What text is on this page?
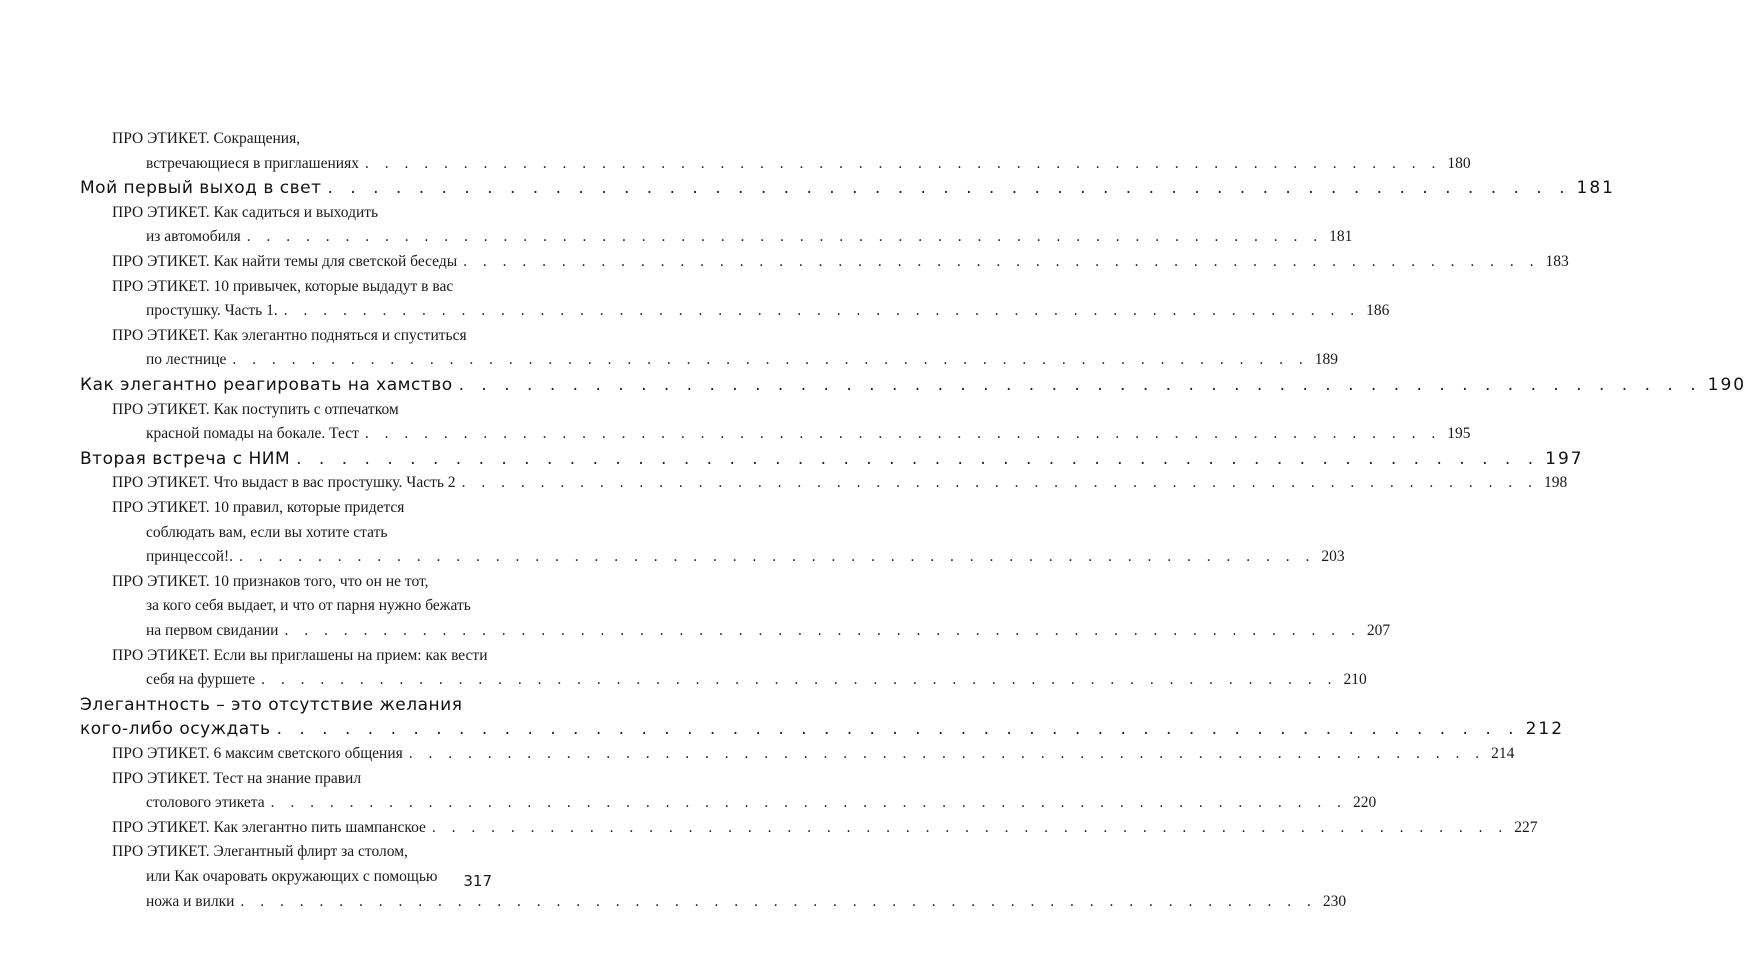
ПРО ЭТИКЕТ. Сокращения,
встречающиеся в приглашениях . . . . . . . . . . . . . . . . . . . . . . . . . . . . . . . . . . . . . . . . . . . . . . . . . . . . . . . 180
Мой первый выход в свет . . . . . . . . . . . . . . . . . . . . . . . . . . . . . . . . . . . . . . . . . . . . . . . . . . . . . . . 181
ПРО ЭТИКЕТ. Как садиться и выходить
из автомобиля . . . . . . . . . . . . . . . . . . . . . . . . . . . . . . . . . . . . . . . . . . . . . . . . . . . . . . . 181
ПРО ЭТИКЕТ. Как найти темы для светской беседы . . . . . . . . . . . . . . . . . . . . . . . . . . . . . . . . . . . . . . . . . . . . . . . . . . . . . . . 183
ПРО ЭТИКЕТ. 10 привычек, которые выдадут в вас
простушку. Часть 1. . . . . . . . . . . . . . . . . . . . . . . . . . . . . . . . . . . . . . . . . . . . . . . . . . . . . . . . 186
ПРО ЭТИКЕТ. Как элегантно подняться и спуститься
по лестнице . . . . . . . . . . . . . . . . . . . . . . . . . . . . . . . . . . . . . . . . . . . . . . . . . . . . . . . 189
Как элегантно реагировать на хамство . . . . . . . . . . . . . . . . . . . . . . . . . . . . . . . . . . . . . . . . . . . . . . . . . . . . . . . 190
ПРО ЭТИКЕТ. Как поступить с отпечатком
красной помады на бокале. Тест . . . . . . . . . . . . . . . . . . . . . . . . . . . . . . . . . . . . . . . . . . . . . . . . . . . . . . . 195
Вторая встреча с НИМ . . . . . . . . . . . . . . . . . . . . . . . . . . . . . . . . . . . . . . . . . . . . . . . . . . . . . . . 197
ПРО ЭТИКЕТ. Что выдаст в вас простушку. Часть 2 . . . . . . . . . . . . . . . . . . . . . . . . . . . . . . . . . . . . . . . . . . . . . . . . . . . . . . . 198
ПРО ЭТИКЕТ. 10 правил, которые придется
соблюдать вам, если вы хотите стать
принцессой!. . . . . . . . . . . . . . . . . . . . . . . . . . . . . . . . . . . . . . . . . . . . . . . . . . . . . . . . 203
ПРО ЭТИКЕТ. 10 признаков того, что он не тот,
за кого себя выдает, и что от парня нужно бежать
на первом свидании . . . . . . . . . . . . . . . . . . . . . . . . . . . . . . . . . . . . . . . . . . . . . . . . . . . . . . . 207
ПРО ЭТИКЕТ. Если вы приглашены на прием: как вести
себя на фуршете . . . . . . . . . . . . . . . . . . . . . . . . . . . . . . . . . . . . . . . . . . . . . . . . . . . . . . . 210
Элегантность – это отсутствие желания
кого-либо осуждать . . . . . . . . . . . . . . . . . . . . . . . . . . . . . . . . . . . . . . . . . . . . . . . . . . . . . . . 212
ПРО ЭТИКЕТ. 6 максим светского общения . . . . . . . . . . . . . . . . . . . . . . . . . . . . . . . . . . . . . . . . . . . . . . . . . . . . . . . 214
ПРО ЭТИКЕТ. Тест на знание правил
столового этикета . . . . . . . . . . . . . . . . . . . . . . . . . . . . . . . . . . . . . . . . . . . . . . . . . . . . . . . 220
ПРО ЭТИКЕТ. Как элегантно пить шампанское . . . . . . . . . . . . . . . . . . . . . . . . . . . . . . . . . . . . . . . . . . . . . . . . . . . . . . . 227
ПРО ЭТИКЕТ. Элегантный флирт за столом,
или Как очаровать окружающих с помощью
ножа и вилки . . . . . . . . . . . . . . . . . . . . . . . . . . . . . . . . . . . . . . . . . . . . . . . . . . . . . . . 230
317
